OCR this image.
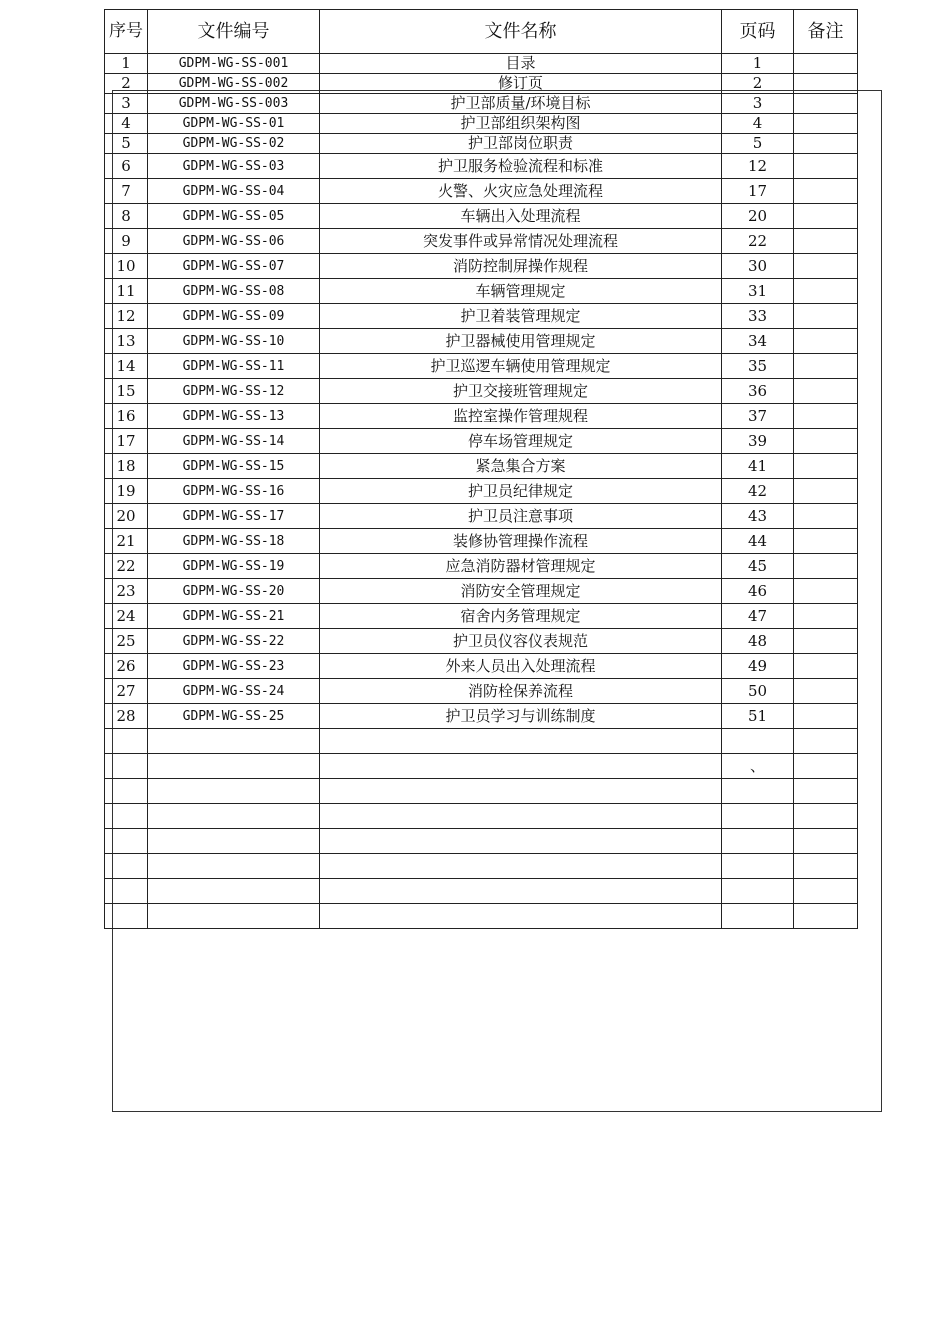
序号	文件编号	文件名称	页码	备注
1	GDPM-WG-SS-001	目录	1	
2	GDPM-WG-SS-002	修订页	2	
3	GDPM-WG-SS-003	护卫部质量/环境目标	3	
4	GDPM-WG-SS-01	护卫部组织架构图	4	
5	GDPM-WG-SS-02	护卫部岗位职责	5	
6	GDPM-WG-SS-03	护卫服务检验流程和标准	12	
7	GDPM-WG-SS-04	火警、火灾应急处理流程	17	
8	GDPM-WG-SS-05	车辆出入处理流程	20	
9	GDPM-WG-SS-06	突发事件或异常情况处理流程	22	
10	GDPM-WG-SS-07	消防控制屏操作规程	30	
11	GDPM-WG-SS-08	车辆管理规定	31	
12	GDPM-WG-SS-09	护卫着装管理规定	33	
13	GDPM-WG-SS-10	护卫器械使用管理规定	34	
14	GDPM-WG-SS-11	护卫巡逻车辆使用管理规定	35	
15	GDPM-WG-SS-12	护卫交接班管理规定	36	
16	GDPM-WG-SS-13	监控室操作管理规程	37	
17	GDPM-WG-SS-14	停车场管理规定	39	
18	GDPM-WG-SS-15	紧急集合方案	41	
19	GDPM-WG-SS-16	护卫员纪律规定	42	
20	GDPM-WG-SS-17	护卫员注意事项	43	
21	GDPM-WG-SS-18	装修协管理操作流程	44	
22	GDPM-WG-SS-19	应急消防器材管理规定	45	
23	GDPM-WG-SS-20	消防安全管理规定	46	
24	GDPM-WG-SS-21	宿舍内务管理规定	47	
25	GDPM-WG-SS-22	护卫员仪容仪表规范	48	
26	GDPM-WG-SS-23	外来人员出入处理流程	49	
27	GDPM-WG-SS-24	消防栓保养流程	50	
28	GDPM-WG-SS-25	护卫员学习与训练制度	51	

			、	
